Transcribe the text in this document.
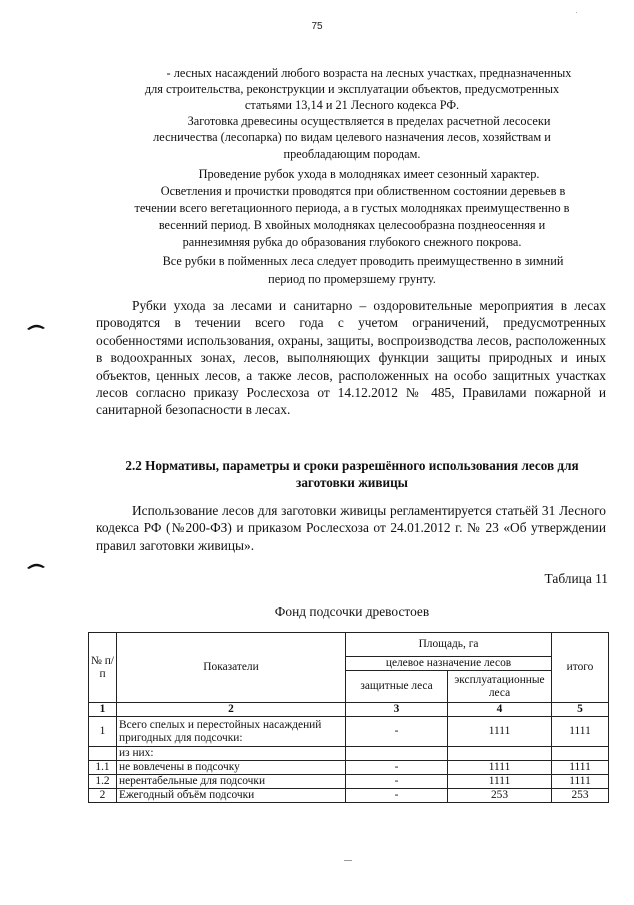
75
·
- лесных насаждений любого возраста на лесных участках, предназначенных
для строительства, реконструкции и эксплуатации объектов, предусмотренных
статьями 13,14 и 21 Лесного кодекса РФ.
Заготовка древесины осуществляется в пределах расчетной лесосеки
лесничества (лесопарка) по видам целевого назначения лесов, хозяйствам и
преобладающим породам.
Проведение рубок ухода в молодняках имеет сезонный характер.
Осветления и прочистки проводятся при облиственном состоянии деревьев в
течении всего вегетационного периода, а в густых молодняках преимущественно в
весенний период. В хвойных молодняках целесообразна позднеосенняя и
раннезимняя рубка до образования глубокого снежного покрова.
Все рубки в пойменных леса следует проводить преимущественно в зимний
период по промерзшему грунту.
Рубки ухода за лесами и санитарно – оздоровительные мероприятия в лесах проводятся в течении всего года с учетом ограничений, предусмотренных особенностями использования, охраны, защиты, воспроизводства лесов, расположенных в водоохранных зонах, лесов, выполняющих функции защиты природных и иных объектов, ценных лесов, а также лесов, расположенных на особо защитных участках лесов согласно приказу Рослесхоза от 14.12.2012 № 485, Правилами пожарной и санитарной безопасности в лесах.
2.2 Нормативы, параметры и сроки разрешённого использования лесов для
заготовки живицы
Использование лесов для заготовки живицы регламентируется статьёй 31 Лесного кодекса РФ (№200-ФЗ) и приказом Рослесхоза от 24.01.2012 г. № 23 «Об утверждении правил заготовки живицы».
Таблица 11
Фонд подсочки древостоев
№ п/п	Показатели	Площадь, га		итого
		целевое назначение лесов		
		защитные леса	эксплуатационные леса	
1	2	3	4	5
1	Всего спелых и перестойных насаждений пригодных для подсочки:	-	1111	1111
	из них:			
1.1	не вовлечены в подсочку	-	1111	1111
1.2	нерентабельные для подсочки	-	1111	1111
2	Ежегодный объём подсочки	-	253	253
